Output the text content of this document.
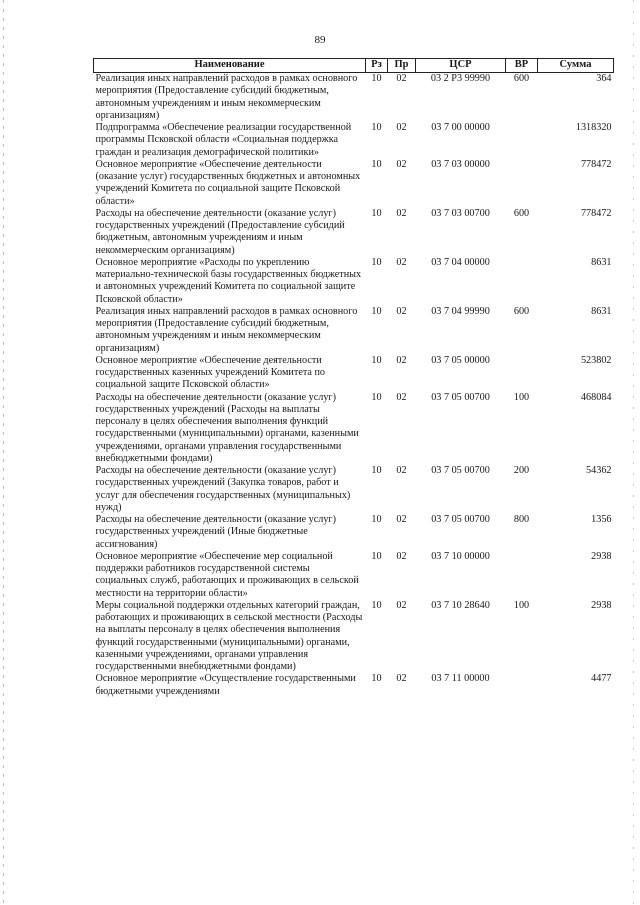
89
Наименование	Рз	Пр	ЦСР	ВР	Сумма
Реализация иных направлений расходов в рамках основного мероприятия (Предоставление субсидий бюджетным, автономным учреждениям и иным некоммерческим организациям)	10	02	03 2 Р3 99990	600	364
Подпрограмма «Обеспечение реализации государственной программы Псковской области «Социальная поддержка граждан и реализация демографической политики»	10	02	03 7 00 00000		1318320
Основное мероприятие «Обеспечение деятельности (оказание услуг) государственных бюджетных и автономных учреждений Комитета по социальной защите Псковской области»	10	02	03 7 03 00000		778472
Расходы на обеспечение деятельности (оказание услуг) государственных учреждений (Предоставление субсидий бюджетным, автономным учреждениям и иным некоммерческим организациям)	10	02	03 7 03 00700	600	778472
Основное мероприятие «Расходы по укреплению материально-технической базы государственных бюджетных и автономных учреждений Комитета по социальной защите Псковской области»	10	02	03 7 04 00000		8631
Реализация иных направлений расходов в рамках основного мероприятия (Предоставление субсидий бюджетным, автономным учреждениям и иным некоммерческим организациям)	10	02	03 7 04 99990	600	8631
Основное мероприятие «Обеспечение деятельности государственных казенных учреждений Комитета по социальной защите Псковской области»	10	02	03 7 05 00000		523802
Расходы на обеспечение деятельности (оказание услуг) государственных учреждений (Расходы на выплаты персоналу в целях обеспечения выполнения функций государственными (муниципальными) органами, казенными учреждениями, органами управления государственными внебюджетными фондами)	10	02	03 7 05 00700	100	468084
Расходы на обеспечение деятельности (оказание услуг) государственных учреждений (Закупка товаров, работ и услуг для обеспечения государственных (муниципальных) нужд)	10	02	03 7 05 00700	200	54362
Расходы на обеспечение деятельности (оказание услуг) государственных учреждений (Иные бюджетные ассигнования)	10	02	03 7 05 00700	800	1356
Основное мероприятие «Обеспечение мер социальной поддержки работников государственной системы социальных служб, работающих и проживающих в сельской местности на территории области»	10	02	03 7 10 00000		2938
Меры социальной поддержки отдельных категорий граждан, работающих и проживающих в сельской местности (Расходы на выплаты персоналу в целях обеспечения выполнения функций государственными (муниципальными) органами, казенными учреждениями, органами управления государственными внебюджетными фондами)	10	02	03 7 10 28640	100	2938
Основное мероприятие «Осуществление государственными бюджетными учреждениями	10	02	03 7 11 00000		4477
